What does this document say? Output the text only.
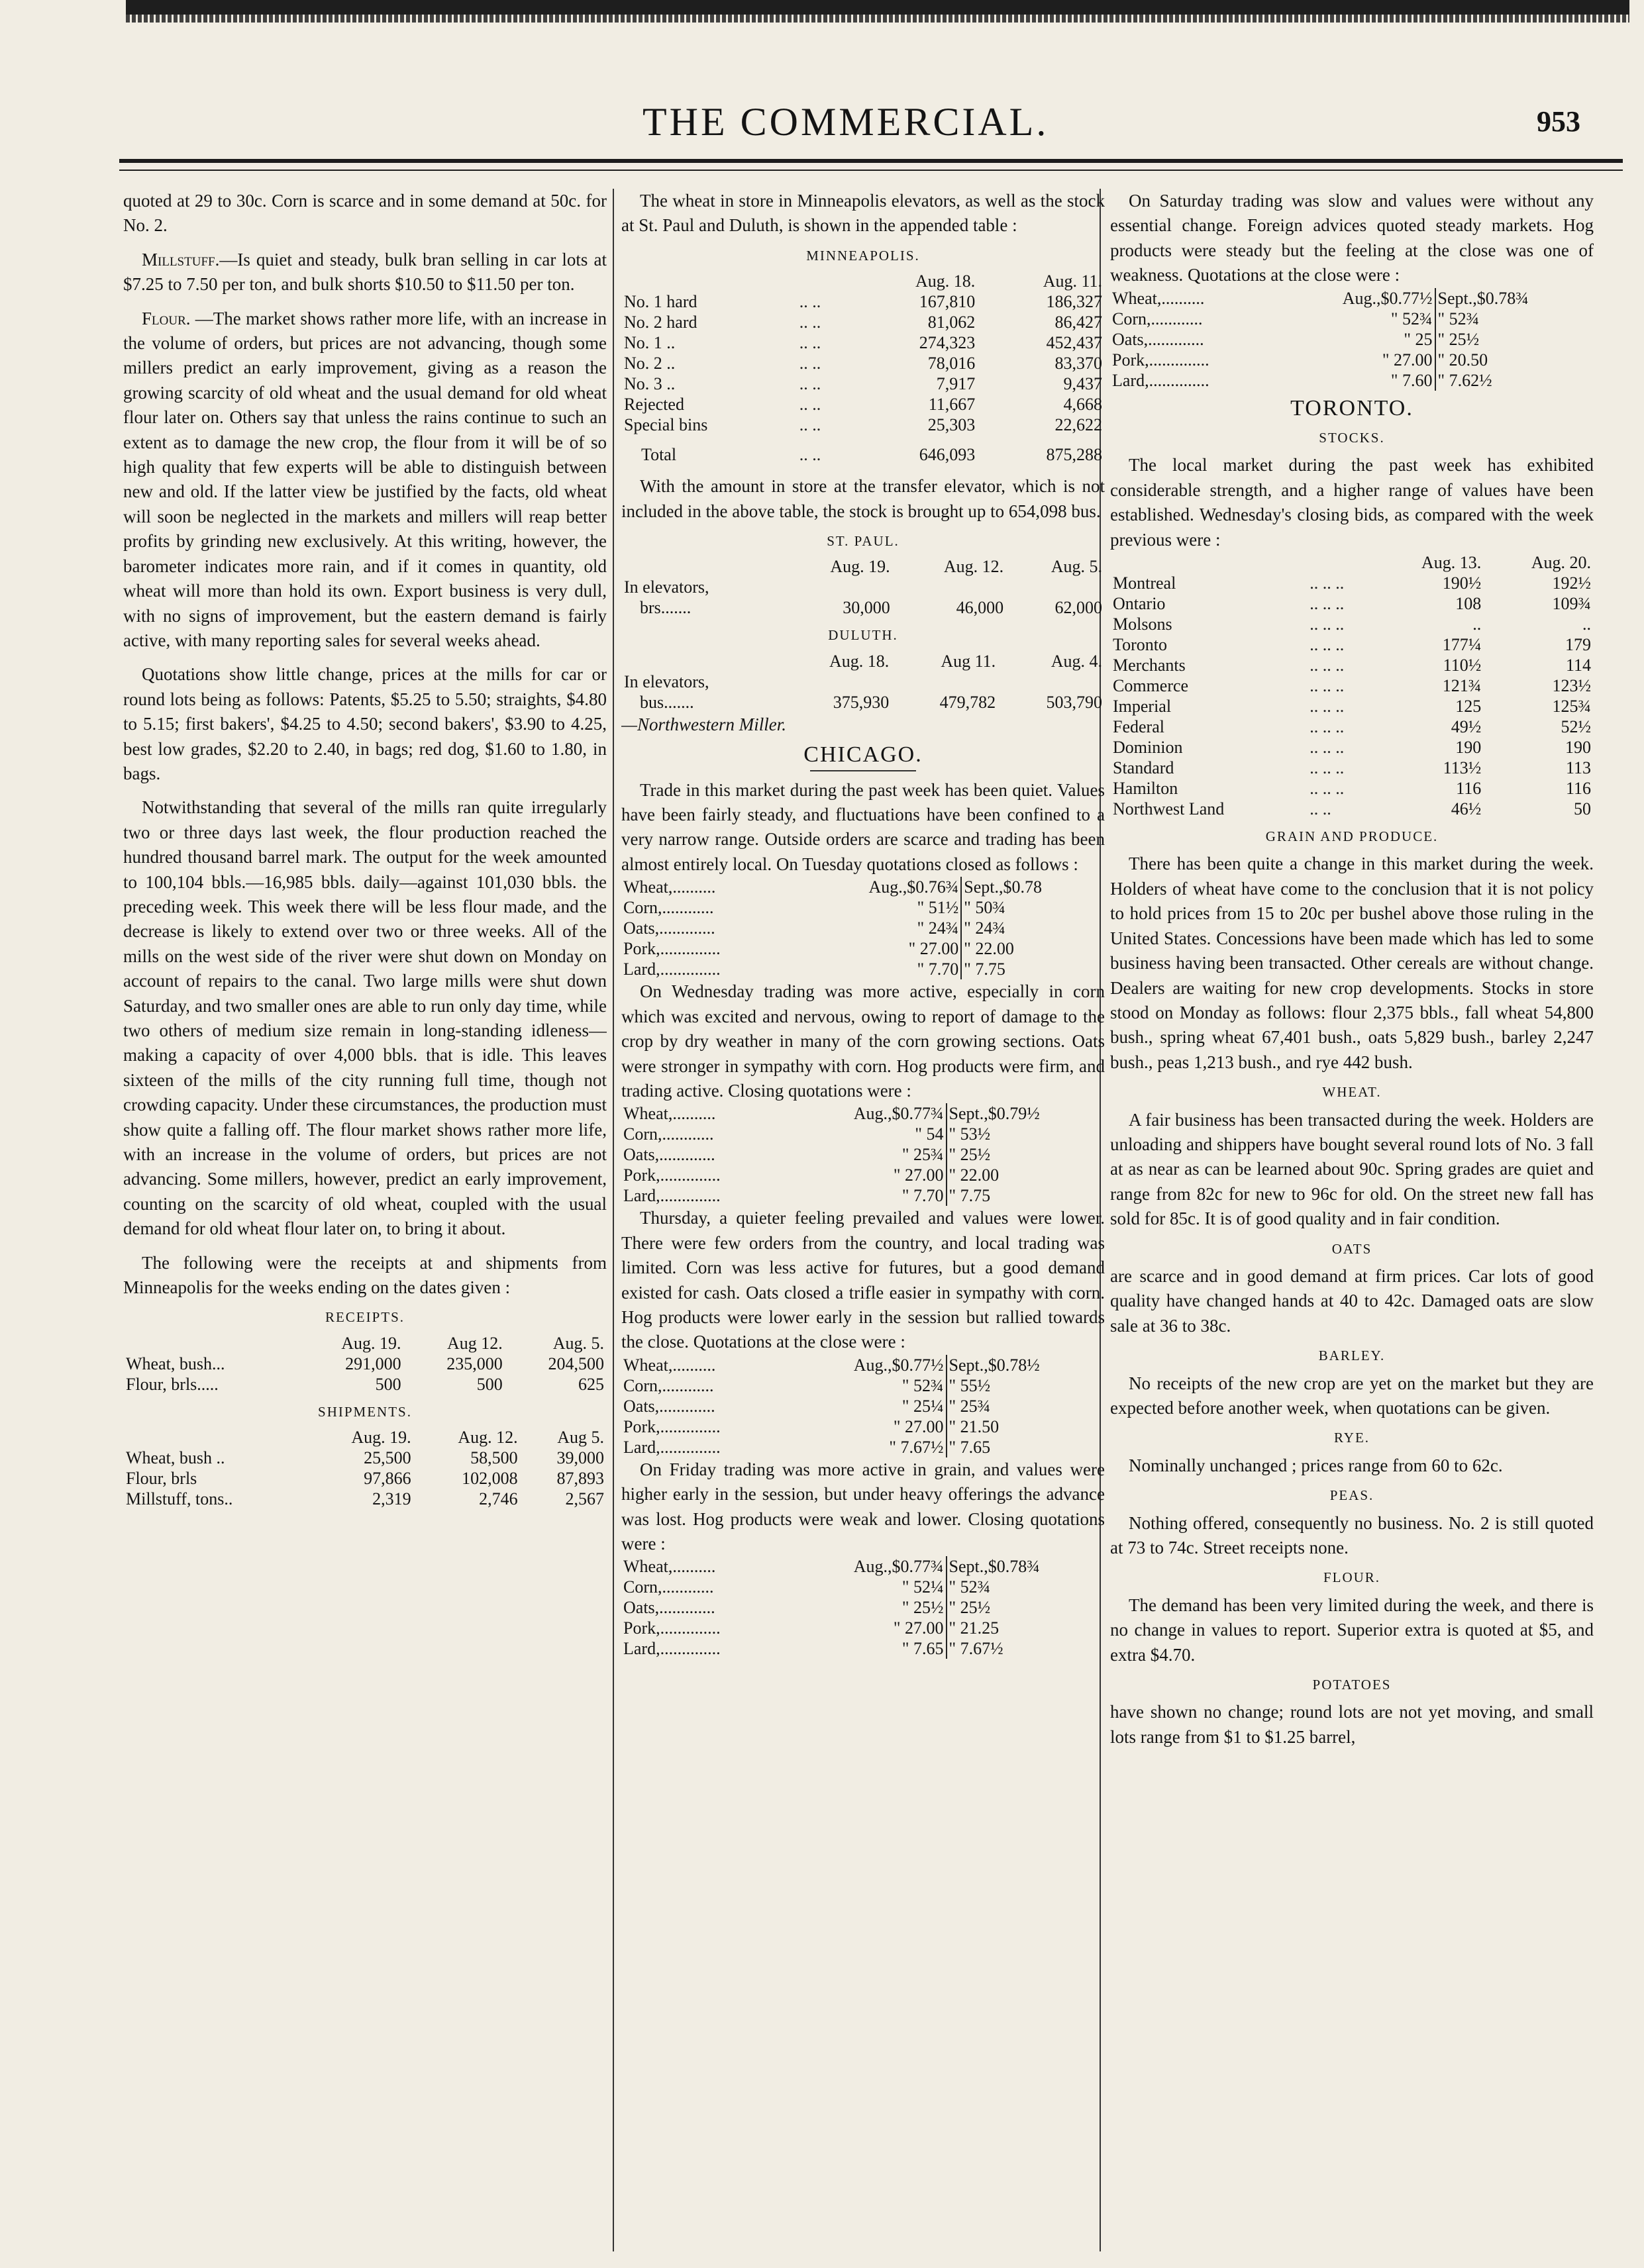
THE COMMERCIAL.	953

quoted at 29 to 30c. Corn is scarce and in some demand at 50c. for No. 2.

Millstuff.—Is quiet and steady, bulk bran selling in car lots at $7.25 to 7.50 per ton, and bulk shorts $10.50 to $11.50 per ton.

Flour. —The market shows rather more life, with an increase in the volume of orders, but prices are not advancing, though some millers predict an early improvement, giving as a reason the growing scarcity of old wheat and the usual demand for old wheat flour later on. Others say that unless the rains continue to such an extent as to damage the new crop, the flour from it will be of so high quality that few experts will be able to distinguish between new and old. If the latter view be justified by the facts, old wheat will soon be neglected in the markets and millers will reap better profits by grinding new exclusively. At this writing, however, the barometer indicates more rain, and if it comes in quantity, old wheat will more than hold its own. Export business is very dull, with no signs of improvement, but the eastern demand is fairly active, with many reporting sales for several weeks ahead.

Quotations show little change, prices at the mills for car or round lots being as follows: Patents, $5.25 to 5.50; straights, $4.80 to 5.15; first bakers', $4.25 to 4.50; second bakers', $3.90 to 4.25, best low grades, $2.20 to 2.40, in bags; red dog, $1.60 to 1.80, in bags.

Notwithstanding that several of the mills ran quite irregularly two or three days last week, the flour production reached the hundred thousand barrel mark. The output for the week amounted to 100,104 bbls.—16,985 bbls. daily—against 101,030 bbls. the preceding week. This week there will be less flour made, and the decrease is likely to extend over two or three weeks. All of the mills on the west side of the river were shut down on Monday on account of repairs to the canal. Two large mills were shut down Saturday, and two smaller ones are able to run only day time, while two others of medium size remain in long-standing idleness—making a capacity of over 4,000 bbls. that is idle. This leaves sixteen of the mills of the city running full time, though not crowding capacity. Under these circumstances, the production must show quite a falling off. The flour market shows rather more life, with an increase in the volume of orders, but prices are not advancing. Some millers, however, predict an early improvement, counting on the scarcity of old wheat, coupled with the usual demand for old wheat flour later on, to bring it about.

The following were the receipts at and shipments from Minneapolis for the weeks ending on the dates given :

RECEIPTS.
	Aug. 19.	Aug 12.	Aug. 5.
Wheat, bush...	291,000	235,000	204,500
Flour, brls.....	500	500	625
SHIPMENTS.
	Aug. 19.	Aug. 12.	Aug 5.
Wheat, bush ..	25,500	58,500	39,000
Flour, brls	97,866	102,008	87,893
Millstuff, tons..	2,319	2,746	2,567

The wheat in store in Minneapolis elevators, as well as the stock at St. Paul and Duluth, is shown in the appended table :

MINNEAPOLIS.
		Aug. 18.	Aug. 11.
No. 1 hard	.. ..	167,810	186,327
No. 2 hard	.. ..	81,062	86,427
No. 1 ..	.. ..	274,323	452,437
No. 2 ..	.. ..	78,016	83,370
No. 3 ..	.. ..	7,917	9,437
Rejected	.. ..	11,667	4,668
Special bins	.. ..	25,303	22,622
Total	.. ..	646,093	875,288

With the amount in store at the transfer elevator, which is not included in the above table, the stock is brought up to 654,098 bus.

ST. PAUL.
	Aug. 19.	Aug. 12.	Aug. 5.
In elevators,			
brs.......	30,000	46,000	62,000
DULUTH.
	Aug. 18.	Aug 11.	Aug. 4.
In elevators,			
bus.......	375,930	479,782	503,790
—Northwestern Miller.
CHICAGO.

Trade in this market during the past week has been quiet. Values have been fairly steady, and fluctuations have been confined to a very narrow range. Outside orders are scarce and trading has been almost entirely local. On Tuesday quotations closed as follows :

Wheat,..........	Aug.,$0.76¾	Sept.,$0.78
Corn,............	" 51½	" 50¾
Oats,.............	" 24¾	" 24¾
Pork,..............	" 27.00	" 22.00
Lard,..............	" 7.70	" 7.75

On Wednesday trading was more active, especially in corn which was excited and nervous, owing to report of damage to the crop by dry weather in many of the corn growing sections. Oats were stronger in sympathy with corn. Hog products were firm, and trading active. Closing quotations were :

Wheat,..........	Aug.,$0.77¾	Sept.,$0.79½
Corn,............	" 54	" 53½
Oats,.............	" 25¾	" 25½
Pork,..............	" 27.00	" 22.00
Lard,..............	" 7.70	" 7.75

Thursday, a quieter feeling prevailed and values were lower. There were few orders from the country, and local trading was limited. Corn was less active for futures, but a good demand existed for cash. Oats closed a trifle easier in sympathy with corn. Hog products were lower early in the session but rallied towards the close. Quotations at the close were :

Wheat,..........	Aug.,$0.77½	Sept.,$0.78½
Corn,............	" 52¾	" 55½
Oats,.............	" 25¼	" 25¾
Pork,..............	" 27.00	" 21.50
Lard,..............	" 7.67½	" 7.65

On Friday trading was more active in grain, and values were higher early in the session, but under heavy offerings the advance was lost. Hog products were weak and lower. Closing quotations were :

Wheat,..........	Aug.,$0.77¾	Sept.,$0.78¾
Corn,............	" 52¼	" 52¾
Oats,.............	" 25½	" 25½
Pork,..............	" 27.00	" 21.25
Lard,..............	" 7.65	" 7.67½

On Saturday trading was slow and values were without any essential change. Foreign advices quoted steady markets. Hog products were steady but the feeling at the close was one of weakness. Quotations at the close were :

Wheat,..........	Aug.,$0.77½	Sept.,$0.78¾
Corn,............	" 52¾	" 52¾
Oats,.............	" 25	" 25½
Pork,..............	" 27.00	" 20.50
Lard,..............	" 7.60	" 7.62½
TORONTO.
STOCKS.

The local market during the past week has exhibited considerable strength, and a higher range of values have been established. Wednesday's closing bids, as compared with the week previous were :

		Aug. 13.	Aug. 20.
Montreal	.. .. ..	190½	192½
Ontario	.. .. ..	108	109¾
Molsons	.. .. ..	..	..
Toronto	.. .. ..	177¼	179
Merchants	.. .. ..	110½	114
Commerce	.. .. ..	121¾	123½
Imperial	.. .. ..	125	125¾
Federal	.. .. ..	49½	52½
Dominion	.. .. ..	190	190
Standard	.. .. ..	113½	113
Hamilton	.. .. ..	116	116
Northwest Land	.. ..	46½	50
GRAIN AND PRODUCE.

There has been quite a change in this market during the week. Holders of wheat have come to the conclusion that it is not policy to hold prices from 15 to 20c per bushel above those ruling in the United States. Concessions have been made which has led to some business having been transacted. Other cereals are without change. Dealers are waiting for new crop developments. Stocks in store stood on Monday as follows: flour 2,375 bbls., fall wheat 54,800 bush., spring wheat 67,401 bush., oats 5,829 bush., barley 2,247 bush., peas 1,213 bush., and rye 442 bush.

WHEAT.

A fair business has been transacted during the week. Holders are unloading and shippers have bought several round lots of No. 3 fall at as near as can be learned about 90c. Spring grades are quiet and range from 82c for new to 96c for old. On the street new fall has sold for 85c. It is of good quality and in fair condition.

OATS

are scarce and in good demand at firm prices. Car lots of good quality have changed hands at 40 to 42c. Damaged oats are slow sale at 36 to 38c.

BARLEY.

No receipts of the new crop are yet on the market but they are expected before another week, when quotations can be given.

RYE.

Nominally unchanged ; prices range from 60 to 62c.

PEAS.

Nothing offered, consequently no business. No. 2 is still quoted at 73 to 74c. Street receipts none.

FLOUR.

The demand has been very limited during the week, and there is no change in values to report. Superior extra is quoted at $5, and extra $4.70.

POTATOES

have shown no change; round lots are not yet moving, and small lots range from $1 to $1.25 barrel,
